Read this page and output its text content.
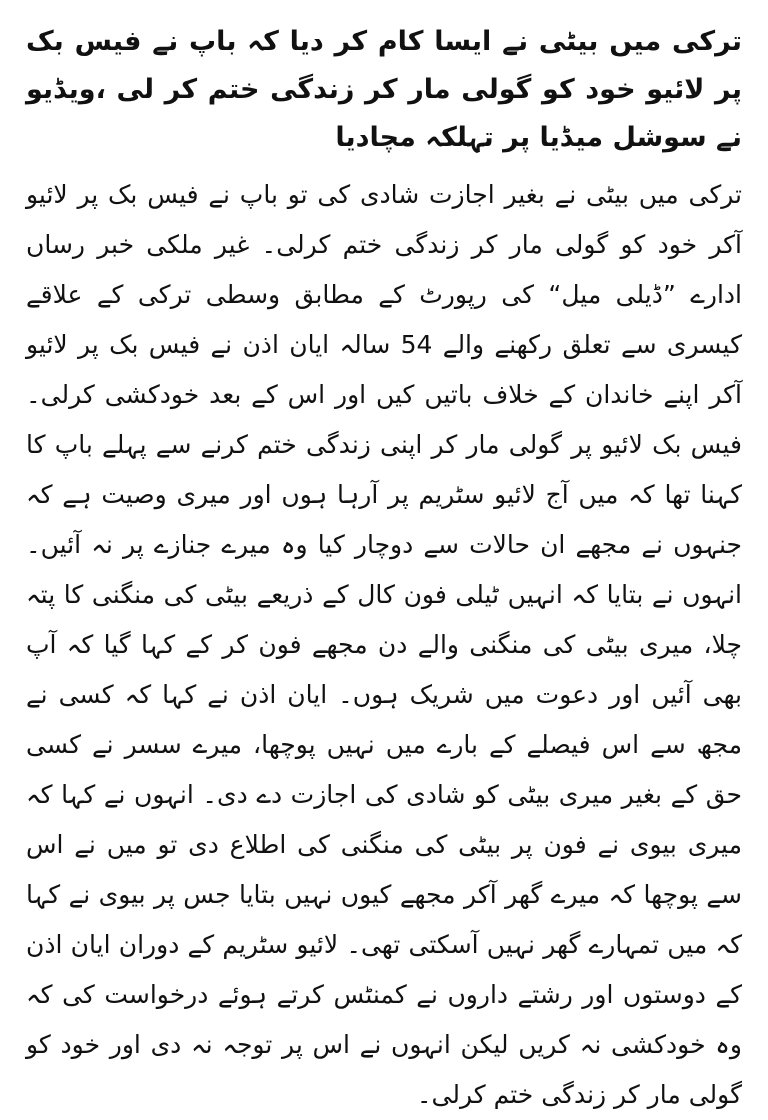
ترکی میں بیٹی نے ایسا کام کر دیا کہ باپ نے فیس بک پر لائیو خود کو گولی مار کر زندگی ختم کر لی ،ویڈیو نے سوشل میڈیا پر تہلکہ مچادیا

ترکی میں بیٹی نے بغیر اجازت شادی کی تو باپ نے فیس بک پر لائیو آکر خود کو گولی مار کر زندگی ختم کرلی۔ غیر ملکی خبر رساں ادارے ”ڈیلی میل“ کی رپورٹ کے مطابق وسطی ترکی کے علاقے کیسری سے تعلق رکھنے والے 54 سالہ ایان اذن نے فیس بک پر لائیو آکر اپنے خاندان کے خلاف باتیں کیں اور اس کے بعد خودکشی کرلی۔ فیس بک لائیو پر گولی مار کر اپنی زندگی ختم کرنے سے پہلے باپ کا کہنا تھا کہ میں آج لائیو سٹریم پر آرہا ہوں اور میری وصیت ہے کہ جنہوں نے مجھے ان حالات سے دوچار کیا وہ میرے جنازے پر نہ آئیں۔ انہوں نے بتایا کہ انہیں ٹیلی فون کال کے ذریعے بیٹی کی منگنی کا پتہ چلا، میری بیٹی کی منگنی والے دن مجھے فون کر کے کہا گیا کہ آپ بھی آئیں اور دعوت میں شریک ہوں۔ ایان اذن نے کہا کہ کسی نے مجھ سے اس فیصلے کے بارے میں نہیں پوچھا، میرے سسر نے کسی حق کے بغیر میری بیٹی کو شادی کی اجازت دے دی۔ انہوں نے کہا کہ میری بیوی نے فون پر بیٹی کی منگنی کی اطلاع دی تو میں نے اس سے پوچھا کہ میرے گھر آکر مجھے کیوں نہیں بتایا جس پر بیوی نے کہا کہ میں تمہارے گھر نہیں آسکتی تھی۔ لائیو سٹریم کے دوران ایان اذن کے دوستوں اور رشتے داروں نے کمنٹس کرتے ہوئے درخواست کی کہ وہ خودکشی نہ کریں لیکن انہوں نے اس پر توجہ نہ دی اور خود کو گولی مار کر زندگی ختم کرلی۔
